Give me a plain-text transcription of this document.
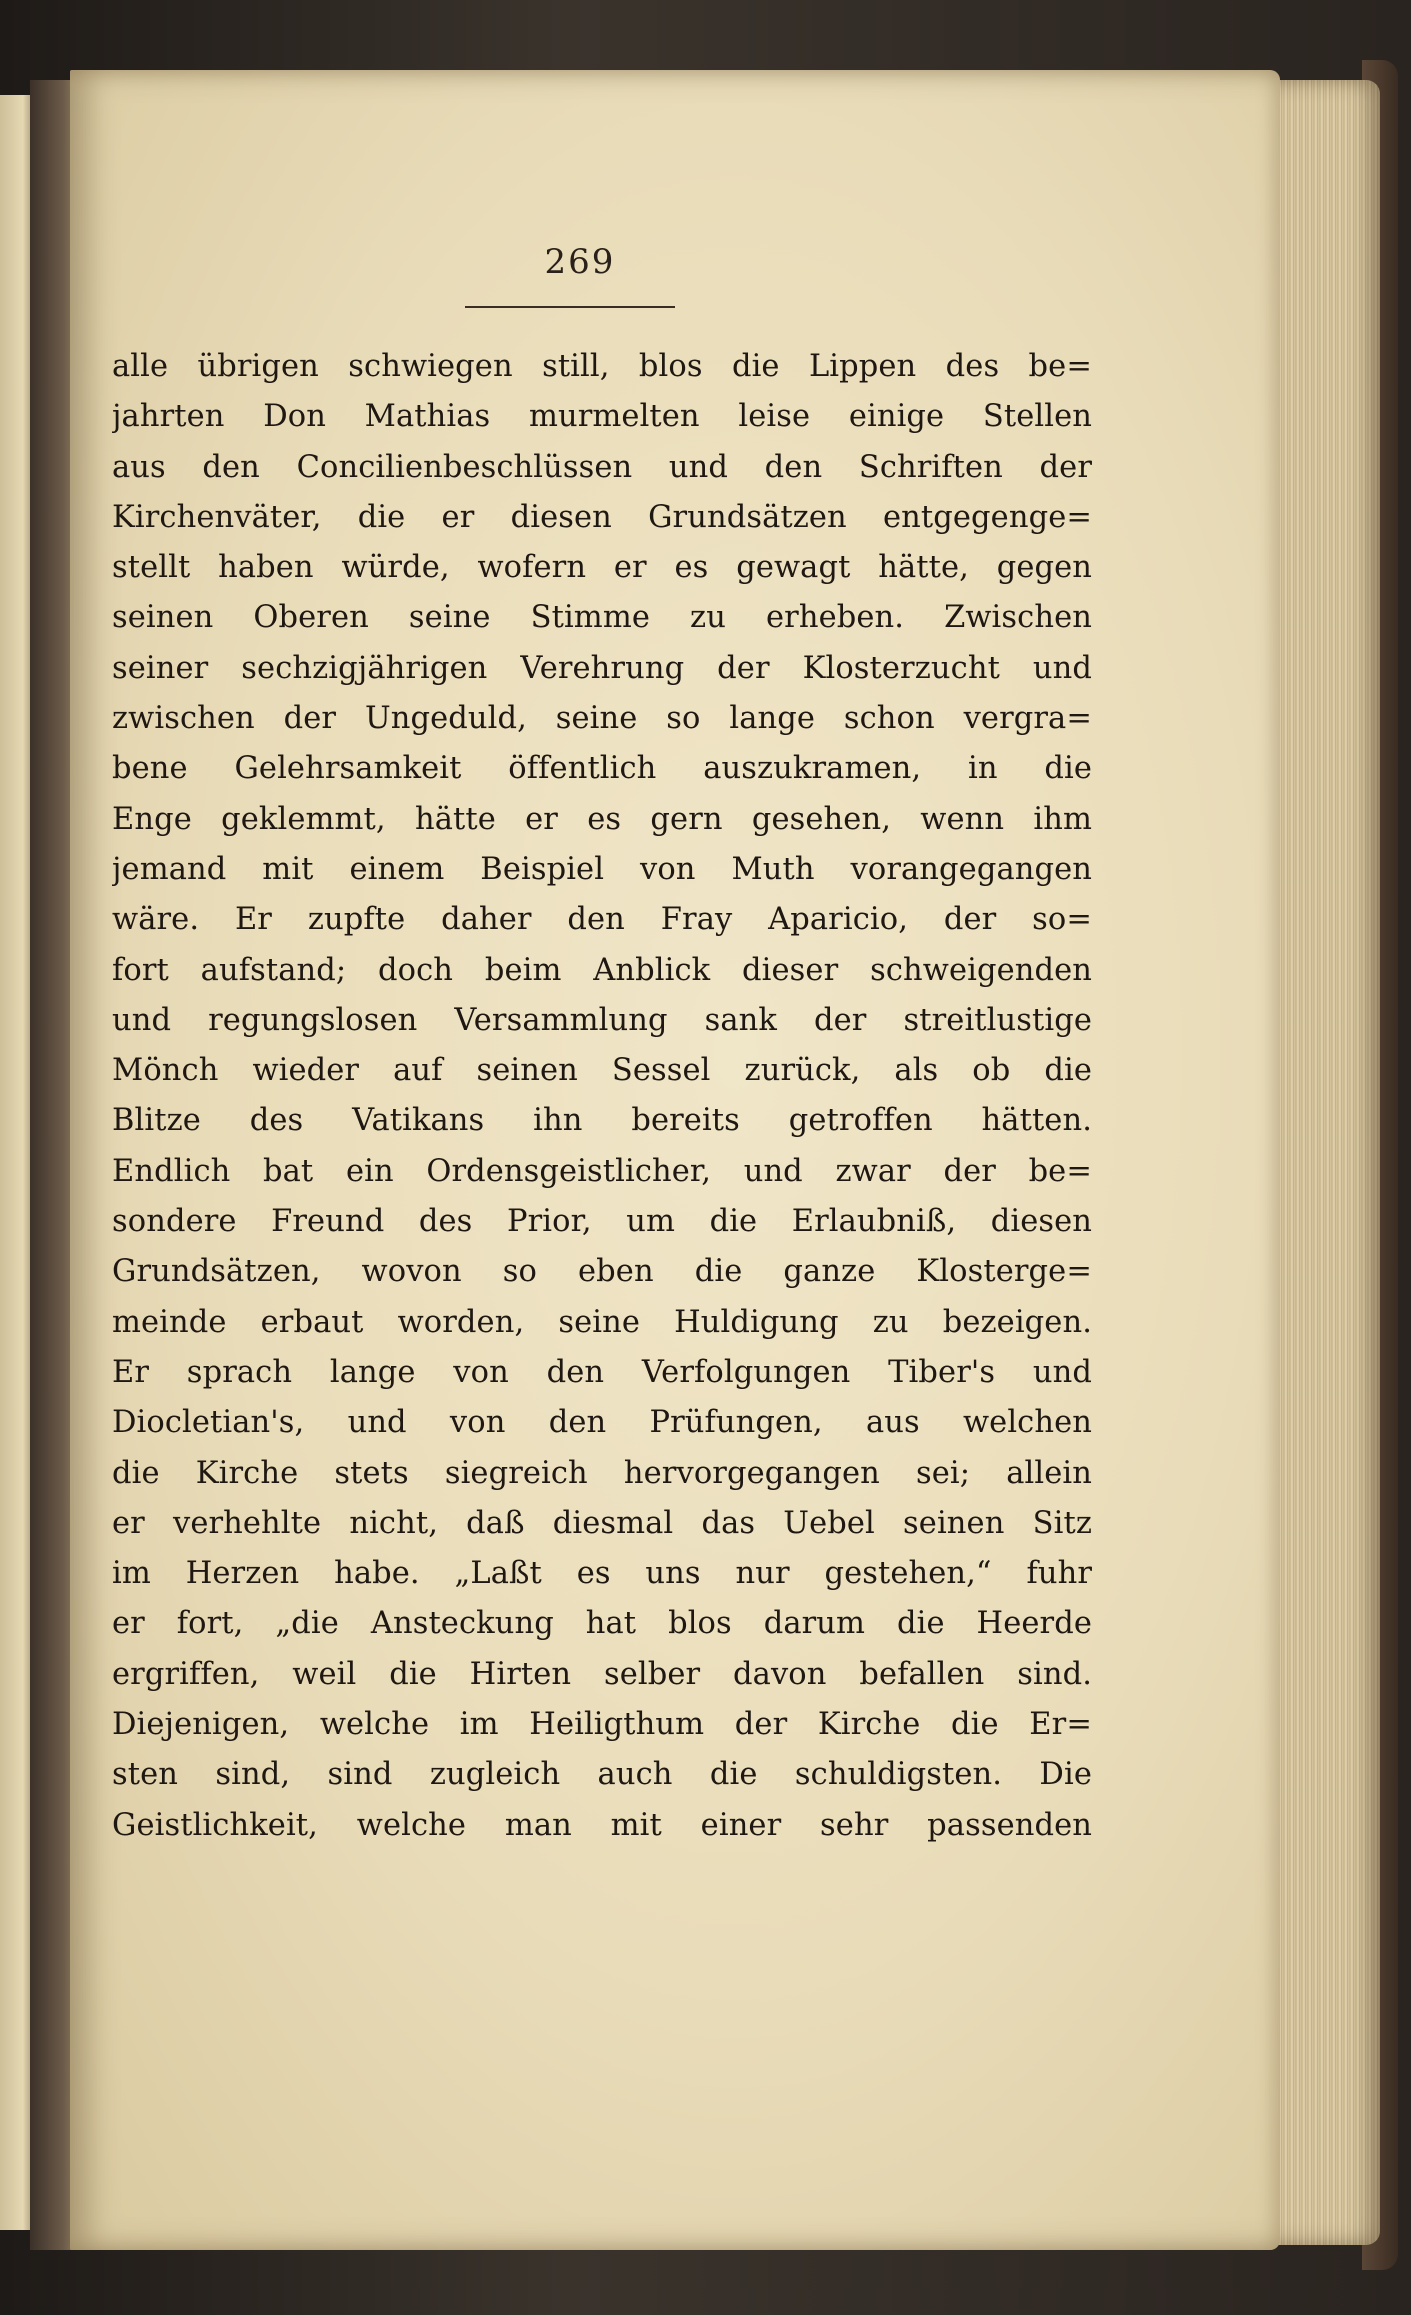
269
alle übrigen schwiegen still, blos die Lippen des be=
jahrten Don Mathias murmelten leise einige Stellen
aus den Concilienbeschlüssen und den Schriften der
Kirchenväter, die er diesen Grundsätzen entgegenge=
stellt haben würde, wofern er es gewagt hätte, gegen
seinen Oberen seine Stimme zu erheben. Zwischen
seiner sechzigjährigen Verehrung der Klosterzucht und
zwischen der Ungeduld, seine so lange schon vergra=
bene Gelehrsamkeit öffentlich auszukramen, in die
Enge geklemmt, hätte er es gern gesehen, wenn ihm
jemand mit einem Beispiel von Muth vorangegangen
wäre. Er zupfte daher den Fray Aparicio, der so=
fort aufstand; doch beim Anblick dieser schweigenden
und regungslosen Versammlung sank der streitlustige
Mönch wieder auf seinen Sessel zurück, als ob die
Blitze des Vatikans ihn bereits getroffen hätten.
Endlich bat ein Ordensgeistlicher, und zwar der be=
sondere Freund des Prior, um die Erlaubniß, diesen
Grundsätzen, wovon so eben die ganze Klosterge=
meinde erbaut worden, seine Huldigung zu bezeigen.
Er sprach lange von den Verfolgungen Tiber's und
Diocletian's, und von den Prüfungen, aus welchen
die Kirche stets siegreich hervorgegangen sei; allein
er verhehlte nicht, daß diesmal das Uebel seinen Sitz
im Herzen habe. „Laßt es uns nur gestehen,“ fuhr
er fort, „die Ansteckung hat blos darum die Heerde
ergriffen, weil die Hirten selber davon befallen sind.
Diejenigen, welche im Heiligthum der Kirche die Er=
sten sind, sind zugleich auch die schuldigsten. Die
Geistlichkeit, welche man mit einer sehr passenden
